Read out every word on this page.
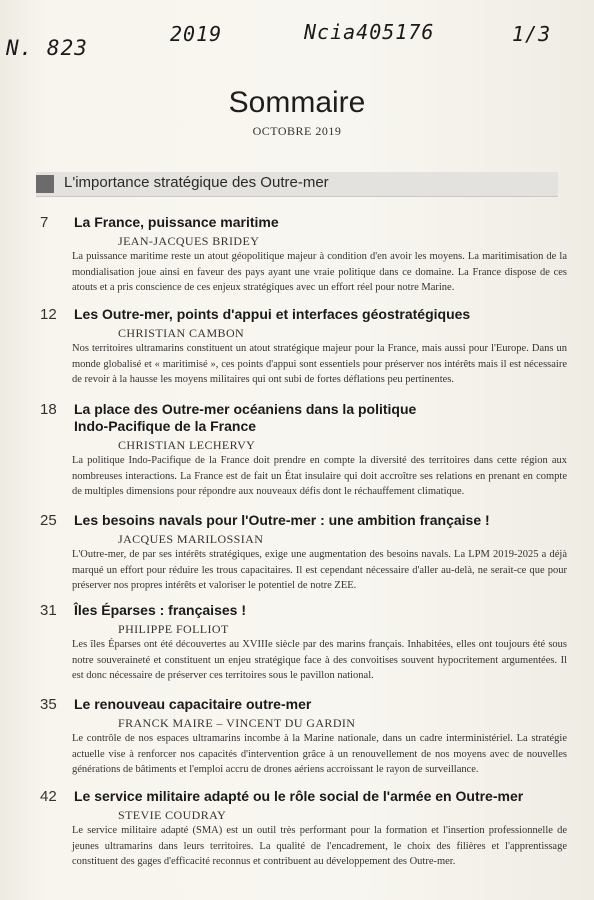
N. 823
2019	Ncia405176	1/3
Sommaire
OCTOBRE 2019
L'importance stratégique des Outre-mer
7	La France, puissance maritime
JEAN-JACQUES BRIDEY
La puissance maritime reste un atout géopolitique majeur à condition d'en avoir les moyens. La maritimisation de la mondialisation joue ainsi en faveur des pays ayant une vraie politique dans ce domaine. La France dispose de ces atouts et a pris conscience de ces enjeux stratégiques avec un effort réel pour notre Marine.
12	Les Outre-mer, points d'appui et interfaces géostratégiques
CHRISTIAN CAMBON
Nos territoires ultramarins constituent un atout stratégique majeur pour la France, mais aussi pour l'Europe. Dans un monde globalisé et « maritimisé », ces points d'appui sont essentiels pour préserver nos intérêts mais il est nécessaire de revoir à la hausse les moyens militaires qui ont subi de fortes déflations peu pertinentes.
18	La place des Outre-mer océaniens dans la politique Indo-Pacifique de la France
CHRISTIAN LECHERVY
La politique Indo-Pacifique de la France doit prendre en compte la diversité des territoires dans cette région aux nombreuses interactions. La France est de fait un État insulaire qui doit accroître ses relations en prenant en compte de multiples dimensions pour répondre aux nouveaux défis dont le réchauffement climatique.
25	Les besoins navals pour l'Outre-mer : une ambition française !
JACQUES MARILOSSIAN
L'Outre-mer, de par ses intérêts stratégiques, exige une augmentation des besoins navals. La LPM 2019-2025 a déjà marqué un effort pour réduire les trous capacitaires. Il est cependant nécessaire d'aller au-delà, ne serait-ce que pour préserver nos propres intérêts et valoriser le potentiel de notre ZEE.
31	Îles Éparses : françaises !
PHILIPPE FOLLIOT
Les îles Éparses ont été découvertes au XVIIIe siècle par des marins français. Inhabitées, elles ont toujours été sous notre souveraineté et constituent un enjeu stratégique face à des convoitises souvent hypocritement argumentées. Il est donc nécessaire de préserver ces territoires sous le pavillon national.
35	Le renouveau capacitaire outre-mer
FRANCK MAIRE – VINCENT DU GARDIN
Le contrôle de nos espaces ultramarins incombe à la Marine nationale, dans un cadre interministériel. La stratégie actuelle vise à renforcer nos capacités d'intervention grâce à un renouvellement de nos moyens avec de nouvelles générations de bâtiments et l'emploi accru de drones aériens accroissant le rayon de surveillance.
42	Le service militaire adapté ou le rôle social de l'armée en Outre-mer
STEVIE COUDRAY
Le service militaire adapté (SMA) est un outil très performant pour la formation et l'insertion professionnelle de jeunes ultramarins dans leurs territoires. La qualité de l'encadrement, le choix des filières et l'apprentissage constituent des gages d'efficacité reconnus et contribuent au développement des Outre-mer.
